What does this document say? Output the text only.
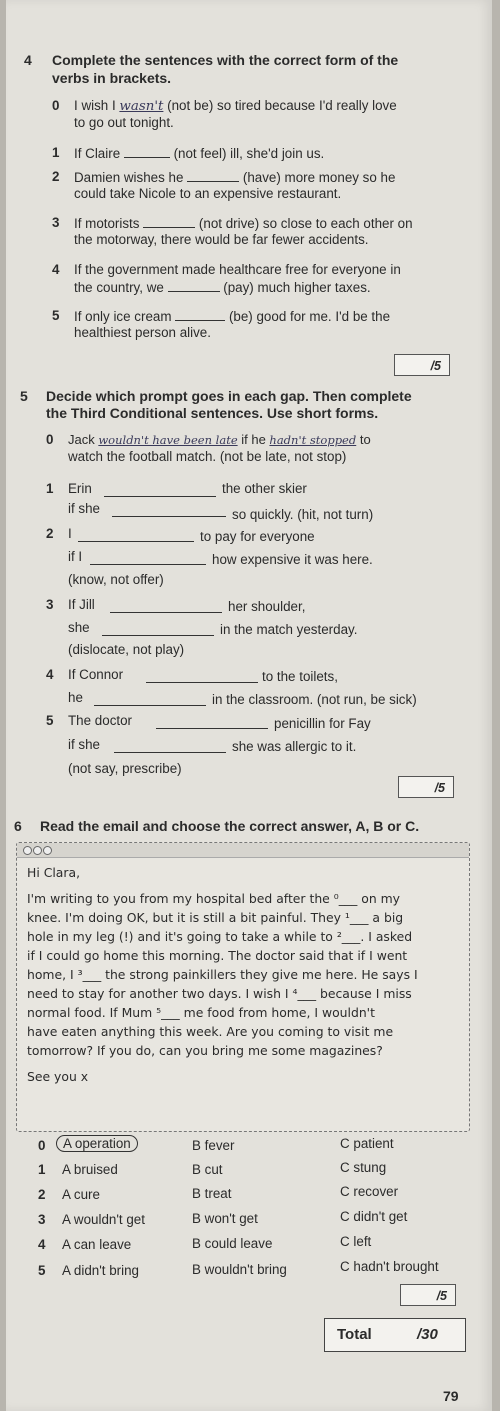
4 Complete the sentences with the correct form of the
verbs in brackets.
0 I wish I wasn't (not be) so tired because I'd really love
to go out tonight.
1 If Claire	(not feel) ill, she'd join us.
2 Damien wishes he	(have) more money so he
could take Nicole to an expensive restaurant.
3 If motorists	(not drive) so close to each other on
the motorway, there would be far fewer accidents.
4 If the government made healthcare free for everyone in
the country, we	(pay) much higher taxes.
5 If only ice cream	(be) good for me. I'd be the
healthiest person alive.
/5
5 Decide which prompt goes in each gap. Then complete
the Third Conditional sentences. Use short forms.
0 Jack wouldn't have been late if he hadn't stopped to
watch the football match. (not be late, not stop)
1 Erin	the other skier
if she	so quickly. (hit, not turn)
2 I	to pay for everyone
if I	how expensive it was here.
(know, not offer)
3 If Jill	her shoulder,
she	in the match yesterday.
(dislocate, not play)
4 If Connor	to the toilets,
he	in the classroom. (not run, be sick)
5 The doctor	penicillin for Fay
if she	she was allergic to it.
(not say, prescribe)
/5
6 Read the email and choose the correct answer, A, B or C.
Hi Clara,
I'm writing to you from my hospital bed after the ⁰___ on my
knee. I'm doing OK, but it is still a bit painful. They ¹___ a big
hole in my leg (!) and it's going to take a while to ²___. I asked
if I could go home this morning. The doctor said that if I went
home, I ³___ the strong painkillers they give me here. He says I
need to stay for another two days. I wish I ⁴___ because I miss
normal food. If Mum ⁵___ me food from home, I wouldn't
have eaten anything this week. Are you coming to visit me
tomorrow? If you do, can you bring me some magazines?
See you x
0	A operation	B fever	C patient
1 A bruised	B cut	C stung
2 A cure	B treat	C recover
3 A wouldn't get	B won't get	C didn't get
4 A can leave	B could leave	C left
5 A didn't bring	B wouldn't bring	C hadn't brought
/5
Total	/30
79
